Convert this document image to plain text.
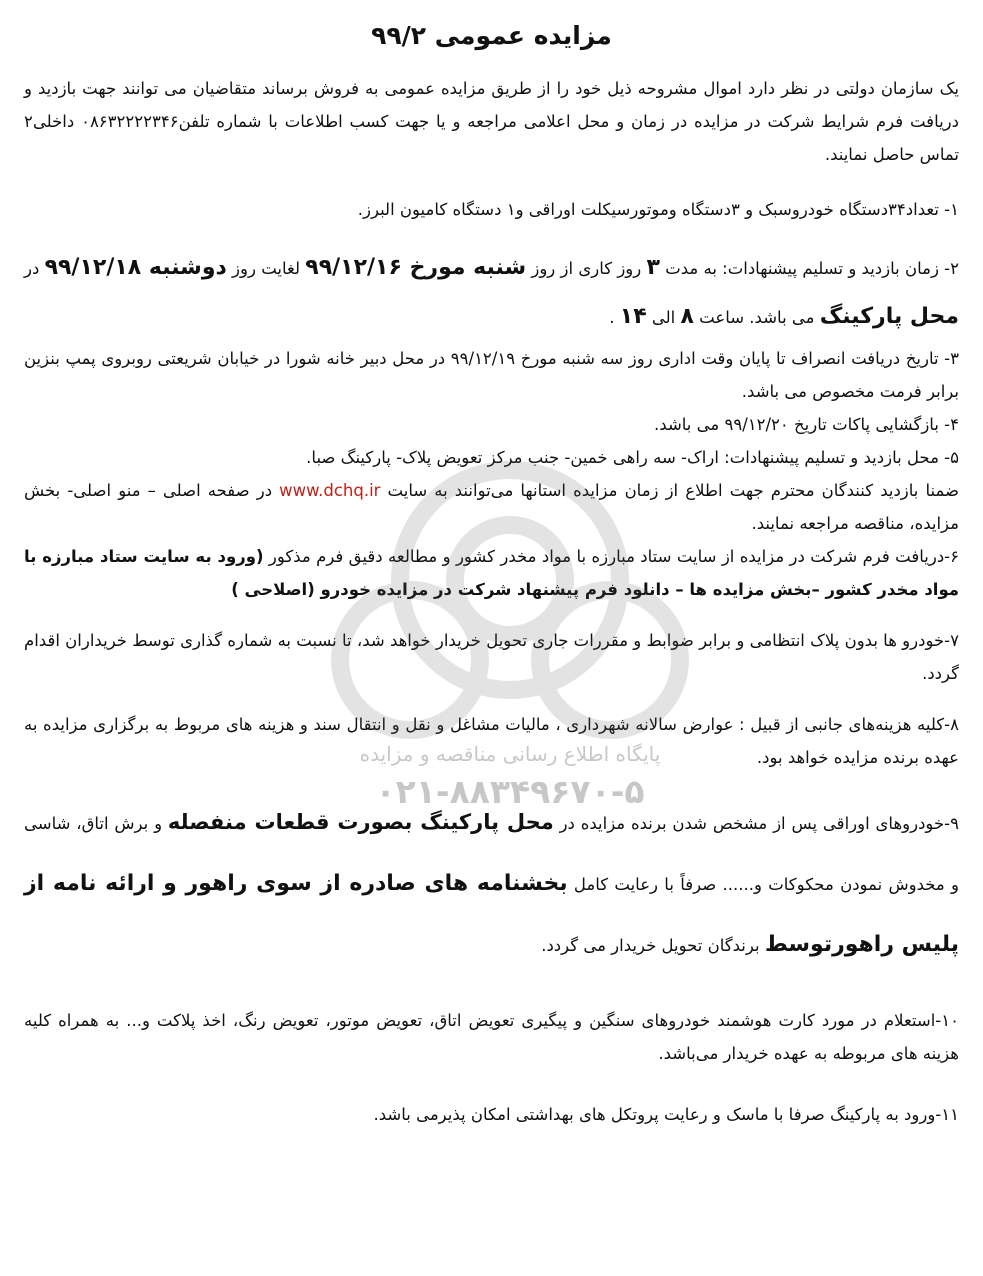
پایگاه اطلاع رسانی مناقصه و مزایده
۰۲۱-۸۸۳۴۹۶۷۰-۵
مزایده عمومی ۹۹/۲

یک سازمان دولتی در نظر دارد اموال مشروحه ذیل خود را از طریق مزایده عمومی به فروش برساند متقاضیان می توانند جهت بازدید و دریافت فرم شرایط شرکت در مزایده در زمان و محل اعلامی مراجعه و یا جهت کسب اطلاعات با شماره تلفن۰۸۶۳۲۲۲۲۳۴۶ داخلی۲ تماس حاصل نمایند.

۱- تعداد۳۴دستگاه خودروسبک و ۳دستگاه وموتورسیکلت اوراقی و۱ دستگاه کامیون البرز.

۲- زمان بازدید و تسلیم پیشنهادات: به مدت ۳ روز کاری از روز شنبه مورخ ۹۹/۱۲/۱۶ لغایت روز دوشنبه ۹۹/۱۲/۱۸ در محل پارکینگ می باشد. ساعت ۸ الی ۱۴ .

۳- تاریخ دریافت انصراف تا پایان وقت اداری روز سه شنبه مورخ ۹۹/۱۲/۱۹ در محل دبیر خانه شورا در خیابان شریعتی روبروی پمپ بنزین برابر فرمت مخصوص می باشد.

۴- بازگشایی پاکات تاریخ ۹۹/۱۲/۲۰ می باشد.

۵- محل بازدید و تسلیم پیشنهادات: اراک- سه راهی خمین- جنب مرکز تعویض پلاک- پارکینگ صبا.

ضمنا بازدید کنندگان محترم جهت اطلاع از زمان مزایده استانها می‌توانند به سایت www.dchq.ir در صفحه اصلی – منو اصلی- بخش مزایده، مناقصه مراجعه نمایند.

۶-دریافت فرم شرکت در مزایده از سایت ستاد مبارزه با مواد مخدر کشور و مطالعه دقیق فرم مذکور (ورود به سایت ستاد مبارزه با مواد مخدر کشور –بخش مزایده ها – دانلود فرم پیشنهاد شرکت در مزایده خودرو (اصلاحی )

۷-خودرو ها بدون پلاک انتظامی و برابر ضوابط و مقررات جاری تحویل خریدار خواهد شد، تا نسبت به شماره گذاری توسط خریداران اقدام گردد.

۸-کلیه هزینه‌های جانبی از قبیل : عوارض سالانه شهرداری ، مالیات مشاغل و نقل و انتقال سند و هزینه های مربوط به برگزاری مزایده به عهده برنده مزایده خواهد بود.

۹-خودروهای اوراقی پس از مشخص شدن برنده مزایده در محل پارکینگ بصورت قطعات منفصله و برش اتاق، شاسی و مخدوش نمودن محکوکات و...... صرفاً با رعایت کامل بخشنامه های صادره از سوی راهور و ارائه نامه از پلیس راهورتوسط برندگان تحویل خریدار می گردد.

۱۰-استعلام در مورد کارت هوشمند خودروهای سنگین و پیگیری تعویض اتاق، تعویض موتور، تعویض رنگ، اخذ پلاکت و... به همراه کلیه هزینه های مربوطه به عهده خریدار می‌باشد.

۱۱-ورود به پارکینگ صرفا با ماسک و رعایت پروتکل های بهداشتی امکان پذیرمی باشد.
